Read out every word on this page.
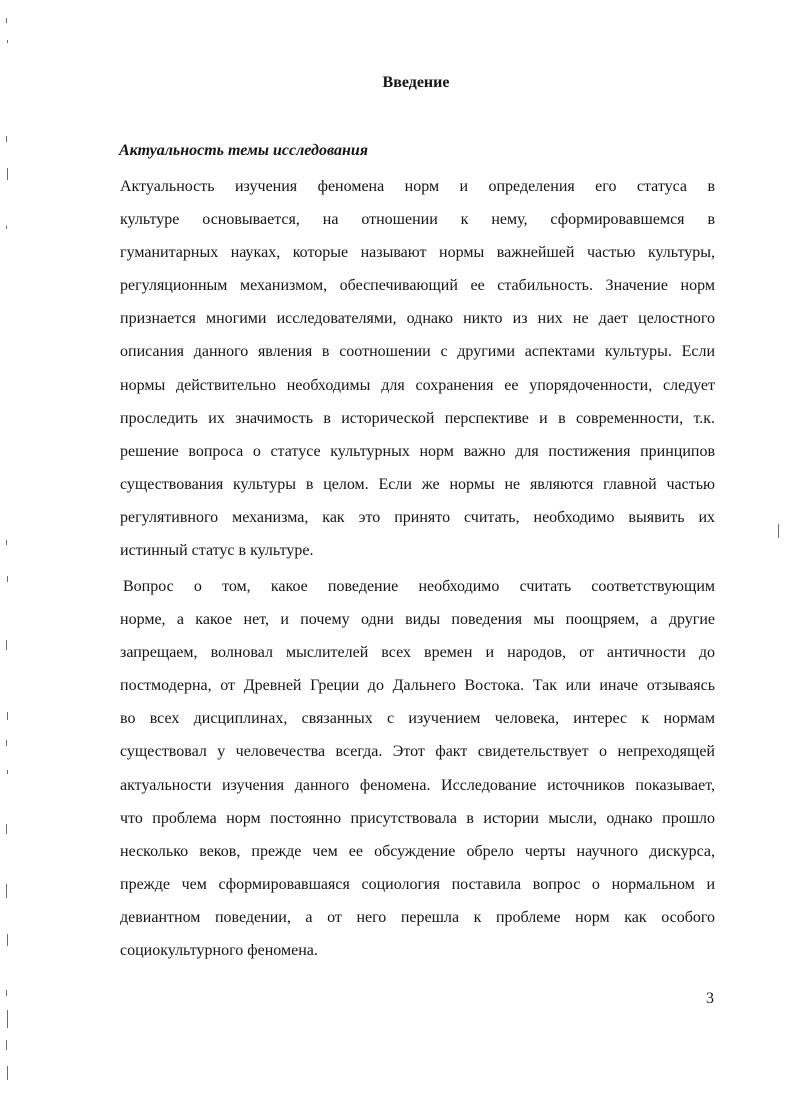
Введение
Актуальность темы исследования

Актуальность изучения феномена норм и определения его статуса в
культуре основывается, на отношении к нему, сформировавшемся в
гуманитарных науках, которые называют нормы важнейшей частью культуры,
регуляционным механизмом, обеспечивающий ее стабильность. Значение норм
признается многими исследователями, однако никто из них не дает целостного
описания данного явления в соотношении с другими аспектами культуры. Если
нормы действительно необходимы для сохранения ее упорядоченности, следует
проследить их значимость в исторической перспективе и в современности, т.к.
решение вопроса о статусе культурных норм важно для постижения принципов
существования культуры в целом. Если же нормы не являются главной частью
регулятивного механизма, как это принято считать, необходимо выявить их
истинный статус в культуре.

Вопрос о том, какое поведение необходимо считать соответствующим
норме, а какое нет, и почему одни виды поведения мы поощряем, а другие
запрещаем, волновал мыслителей всех времен и народов, от античности до
постмодерна, от Древней Греции до Дальнего Востока. Так или иначе отзываясь
во всех дисциплинах, связанных с изучением человека, интерес к нормам
существовал у человечества всегда. Этот факт свидетельствует о непреходящей
актуальности изучения данного феномена. Исследование источников показывает,
что проблема норм постоянно присутствовала в истории мысли, однако прошло
несколько веков, прежде чем ее обсуждение обрело черты научного дискурса,
прежде чем сформировавшаяся социология поставила вопрос о нормальном и
девиантном поведении, а от него перешла к проблеме норм как особого
социокультурного феномена.

3
